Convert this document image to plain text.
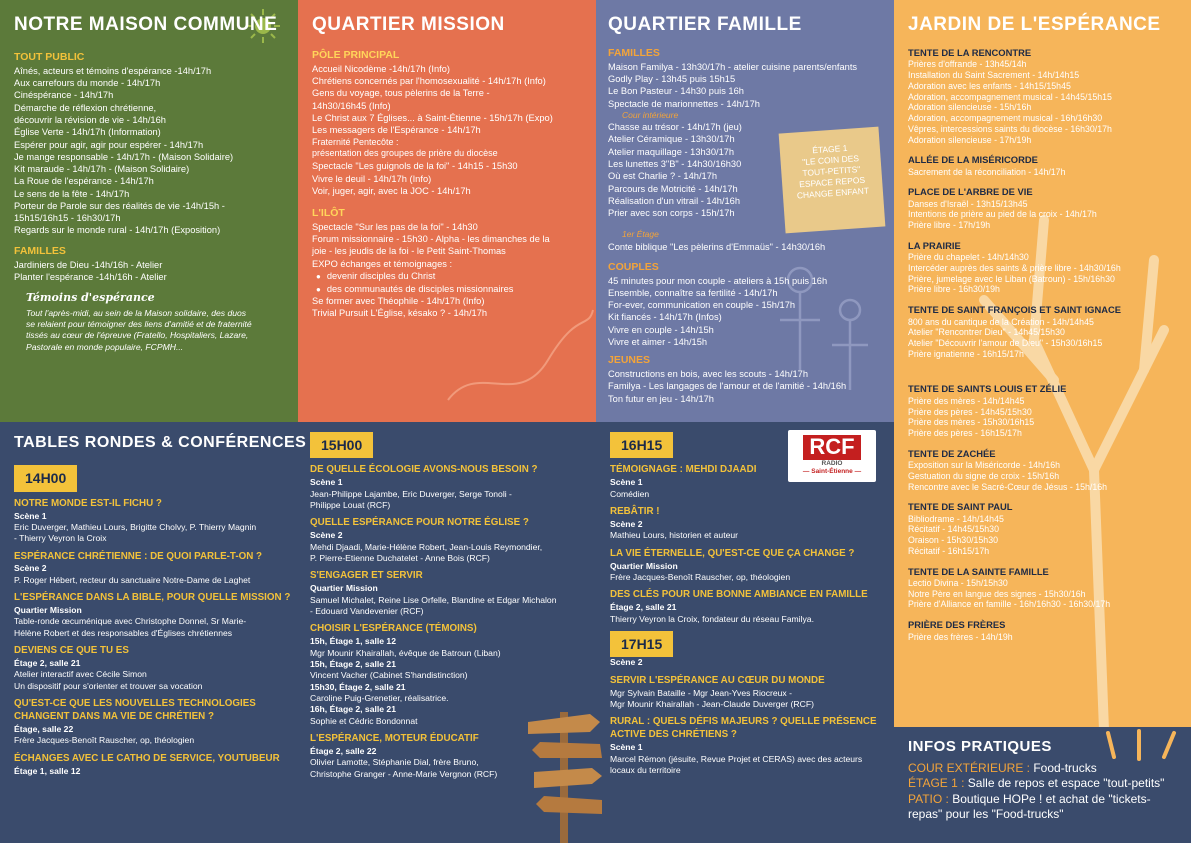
NOTRE MAISON COMMUNE
TOUT PUBLIC
Aînés, acteurs et témoins d'espérance -14h/17h
Aux carrefours du monde - 14h/17h
Cinéspérance - 14h/17h
Démarche de réflexion chrétienne,
découvrir la révision de vie - 14h/16h
Église Verte - 14h/17h (Information)
Espérer pour agir, agir pour espérer - 14h/17h
Je mange responsable - 14h/17h - (Maison Solidaire)
Kit maraude - 14h/17h - (Maison Solidaire)
La Roue de l'espérance - 14h/17h
Le sens de la fête - 14h/17h
Porteur de Parole sur des réalités de vie -14h/15h -
15h15/16h15 - 16h30/17h
Regards sur le monde rural - 14h/17h (Exposition)
FAMILLES
Jardiniers de Dieu -14h/16h - Atelier
Planter l'espérance -14h/16h - Atelier
Témoins d'espérance
Tout l'après-midi, au sein de la Maison solidaire, des duos
se relaient pour témoigner des liens d'amitié et de fraternité
tissés au cœur de l'épreuve (Fratello, Hospitaliers, Lazare,
Pastorale en monde populaire, FCPMH...
QUARTIER MISSION
PÔLE PRINCIPAL
Accueil Nicodème -14h/17h (Info)
Chrétiens concernés par l'homosexualité - 14h/17h (Info)
Gens du voyage, tous pèlerins de la Terre -
14h30/16h45 (Info)
Le Christ aux 7 Églises... à Saint-Étienne - 15h/17h (Expo)
Les messagers de l'Espérance - 14h/17h
Fraternité Pentecôte :
présentation des groupes de prière du diocèse
Spectacle "Les guignols de la foi" - 14h15 - 15h30
Vivre le deuil - 14h/17h (Info)
Voir, juger, agir, avec la JOC - 14h/17h
L'ILÔT
Spectacle "Sur les pas de la foi" - 14h30
Forum missionnaire - 15h30 - Alpha - les dimanches de la
joie - les jeudis de la foi - le Petit Saint-Thomas
EXPO échanges et témoignages :
● devenir disciples du Christ
● des communautés de disciples missionnaires
Se former avec Théophile - 14h/17h (Info)
Trivial Pursuit L'Église, késako ? - 14h/17h
QUARTIER FAMILLE
FAMILLES
Maison Familya - 13h30/17h - atelier cuisine parents/enfants
Godly Play - 13h45 puis 15h15
Le Bon Pasteur - 14h30 puis 16h
Spectacle de marionnettes - 14h/17h
Cour intérieure
Chasse au trésor - 14h/17h (jeu)
Atelier Céramique - 13h30/17h
Atelier maquillage - 13h30/17h
Les lunettes 3"B" - 14h30/16h30
Où est Charlie ? - 14h/17h
Parcours de Motricité - 14h/17h
Réalisation d'un vitrail - 14h/16h
Prier avec son corps - 15h/17h
1er Étage
Conte biblique "Les pèlerins d'Emmaüs" - 14h30/16h
COUPLES
45 minutes pour mon couple - ateliers à 15h puis 16h
Ensemble, connaître sa fertilité - 14h/17h
For-ever, communication en couple - 15h/17h
Kit fiancés - 14h/17h (Infos)
Vivre en couple - 14h/15h
Vivre et aimer - 14h/15h
JEUNES
Constructions en bois, avec les scouts - 14h/17h
Familya - Les langages de l'amour et de l'amitié - 14h/16h
Ton futur en jeu - 14h/17h
ÉTAGE 1
"LE COIN DES
TOUT-PETITS"
ESPACE REPOS
CHANGE ENFANT
JARDIN DE L'ESPÉRANCE
TENTE DE LA RENCONTRE
Prières d'offrande - 13h45/14h
Installation du Saint Sacrement - 14h/14h15
Adoration avec les enfants - 14h15/15h45
Adoration, accompagnement musical - 14h45/15h15
Adoration silencieuse - 15h/16h
Adoration, accompagnement musical - 16h/16h30
Vêpres, intercessions saints du diocèse - 16h30/17h
Adoration silencieuse - 17h/19h
ALLÉE DE LA MISÉRICORDE
Sacrement de la réconciliation - 14h/17h
PLACE DE L'ARBRE DE VIE
Danses d'Israël - 13h15/13h45
Intentions de prière au pied de la croix - 14h/17h
Prière libre - 17h/19h
LA PRAIRIE
Prière du chapelet - 14h/14h30
Intercéder auprès des saints & prière libre - 14h30/16h
Prière, jumelage avec le Liban (Batroun) - 15h/16h30
Prière libre - 16h30/19h
TENTE DE SAINT FRANÇOIS ET SAINT IGNACE
800 ans du cantique de la Création - 14h/14h45
Atelier "Rencontrer Dieu" - 14h45/15h30
Atelier "Découvrir l'amour de Dieu" - 15h30/16h15
Prière ignatienne - 16h15/17h
TENTE DE SAINTS LOUIS ET ZÉLIE
Prière des mères - 14h/14h45
Prière des pères - 14h45/15h30
Prière des mères - 15h30/16h15
Prière des pères - 16h15/17h
TENTE DE ZACHÉE
Exposition sur la Miséricorde - 14h/16h
Gestuation du signe de croix - 15h/16h
Rencontre avec le Sacré-Cœur de Jésus - 15h/16h
TENTE DE SAINT PAUL
Bibliodrame - 14h/14h45
Récitatif - 14h45/15h30
Oraison - 15h30/15h30
Récitatif - 16h15/17h
TENTE DE LA SAINTE FAMILLE
Lectio Divina - 15h/15h30
Notre Père en langue des signes - 15h30/16h
Prière d'Alliance en famille - 16h/16h30 - 16h30/17h
PRIÈRE DES FRÈRES
Prière des frères - 14h/19h
TABLES RONDES & CONFÉRENCES
14H00
NOTRE MONDE EST-IL FICHU ?
Scène 1
Eric Duverger, Mathieu Lours, Brigitte Cholvy, P. Thierry Magnin
- Thierry Veyron la Croix
ESPÉRANCE CHRÉTIENNE : DE QUOI PARLE-T-ON ?
Scène 2
P. Roger Hébert, recteur du sanctuaire Notre-Dame de Laghet
L'ESPÉRANCE DANS LA BIBLE, POUR QUELLE MISSION ?
Quartier Mission
Table-ronde œcuménique avec Christophe Donnel, Sr Marie-
Hélène Robert et des responsables d'Églises chrétiennes
DEVIENS CE QUE TU ES
Étage 2, salle 21
Atelier interactif avec Cécile Simon
Un dispositif pour s'orienter et trouver sa vocation
QU'EST-CE QUE LES NOUVELLES TECHNOLOGIES
CHANGENT DANS MA VIE DE CHRÉTIEN ?
Étage, salle 22
Frère Jacques-Benoît Rauscher, op, théologien
ÉCHANGES AVEC LE CATHO DE SERVICE, YOUTUBEUR
Étage 1, salle 12
15H00
DE QUELLE ÉCOLOGIE AVONS-NOUS BESOIN ?
Scène 1
Jean-Philippe Lajambe, Eric Duverger, Serge Tonoli -
Philippe Louat (RCF)
QUELLE ESPÉRANCE POUR NOTRE ÉGLISE ?
Scène 2
Mehdi Djaadi, Marie-Hélène Robert, Jean-Louis Reymondier,
P. Pierre-Etienne Duchatelet - Anne Bois (RCF)
S'ENGAGER ET SERVIR
Quartier Mission
Samuel Michalet, Reine Lise Orfelle, Blandine et Edgar Michalon
- Edouard Vandevenier (RCF)
CHOISIR L'ESPÉRANCE (TÉMOINS)
15h, Étage 1, salle 12
Mgr Mounir Khairallah, évêque de Batroun (Liban)
15h, Étage 2, salle 21
Vincent Vacher (Cabinet S'handistinction)
15h30, Étage 2, salle 21
Caroline Puig-Grenetier, réalisatrice.
16h, Étage 2, salle 21
Sophie et Cédric Bondonnat
L'ESPÉRANCE, MOTEUR ÉDUCATIF
Étage 2, salle 22
Olivier Lamotte, Stéphanie Dial, frère Bruno,
Christophe Granger - Anne-Marie Vergnon (RCF)
16H15
TÉMOIGNAGE : MEHDI DJAADI
Scène 1
Comédien
REBÂTIR !
Scène 2
Mathieu Lours, historien et auteur
LA VIE ÉTERNELLE, QU'EST-CE QUE ÇA CHANGE ?
Quartier Mission
Frère Jacques-Benoît Rauscher, op, théologien
DES CLÉS POUR UNE BONNE AMBIANCE EN FAMILLE
Étage 2, salle 21
Thierry Veyron la Croix, fondateur du réseau Familya.
17H15
Scène 2
SERVIR L'ESPÉRANCE AU CŒUR DU MONDE
Mgr Sylvain Bataille - Mgr Jean-Yves Riocreux -
Mgr Mounir Khairallah - Jean-Claude Duverger (RCF)
RURAL : QUELS DÉFIS MAJEURS ? QUELLE PRÉSENCE
ACTIVE DES CHRÉTIENS ?
Scène 1
Marcel Rémon (jésuite, Revue Projet et CERAS) avec des acteurs
locaux du territoire
RCF
RADIO
— Saint-Étienne —
INFOS PRATIQUES
COUR EXTÉRIEURE : Food-trucks
ÉTAGE 1 : Salle de repos et espace "tout-petits"
PATIO : Boutique HOPe ! et achat de "tickets-
repas" pour les "Food-trucks"
